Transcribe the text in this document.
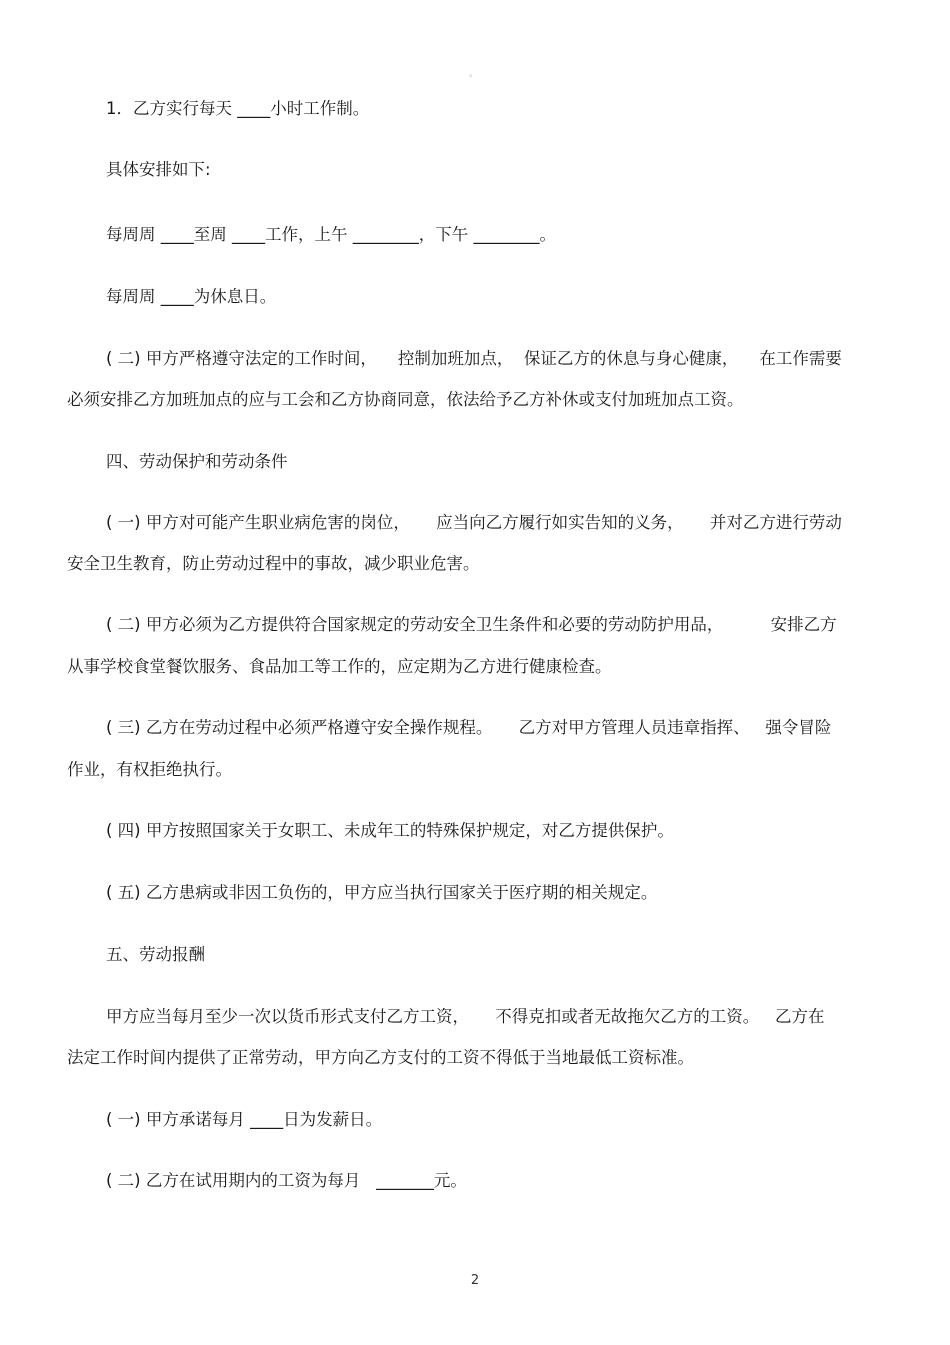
。

1．乙方实行每天 ____小时工作制。

具体安排如下:

每周周 ____至周 ____工作，上午 ________，下午 ________。

每周周 ____为休息日。

( 二) 甲方严格遵守法定的工作时间，    控制加班加点，  保证乙方的休息与身心健康，    在工作需要

必须安排乙方加班加点的应与工会和乙方协商同意，依法给予乙方补休或支付加班加点工资。

四、劳动保护和劳动条件

( 一) 甲方对可能产生职业病危害的岗位，     应当向乙方履行如实告知的义务，     并对乙方进行劳动

安全卫生教育，防止劳动过程中的事故，减少职业危害。

( 二) 甲方必须为乙方提供符合国家规定的劳动安全卫生条件和必要的劳动防护用品，         安排乙方

从事学校食堂餐饮服务、食品加工等工作的，应定期为乙方进行健康检查。

( 三) 乙方在劳动过程中必须严格遵守安全操作规程。     乙方对甲方管理人员违章指挥、   强令冒险

作业，有权拒绝执行。

( 四) 甲方按照国家关于女职工、未成年工的特殊保护规定，对乙方提供保护。

( 五) 乙方患病或非因工负伤的，甲方应当执行国家关于医疗期的相关规定。

五、劳动报酬

甲方应当每月至少一次以货币形式支付乙方工资，     不得克扣或者无故拖欠乙方的工资。   乙方在

法定工作时间内提供了正常劳动，甲方向乙方支付的工资不得低于当地最低工资标准。

( 一) 甲方承诺每月 ____日为发薪日。

( 二) 乙方在试用期内的工资为每月   _______元。

2
